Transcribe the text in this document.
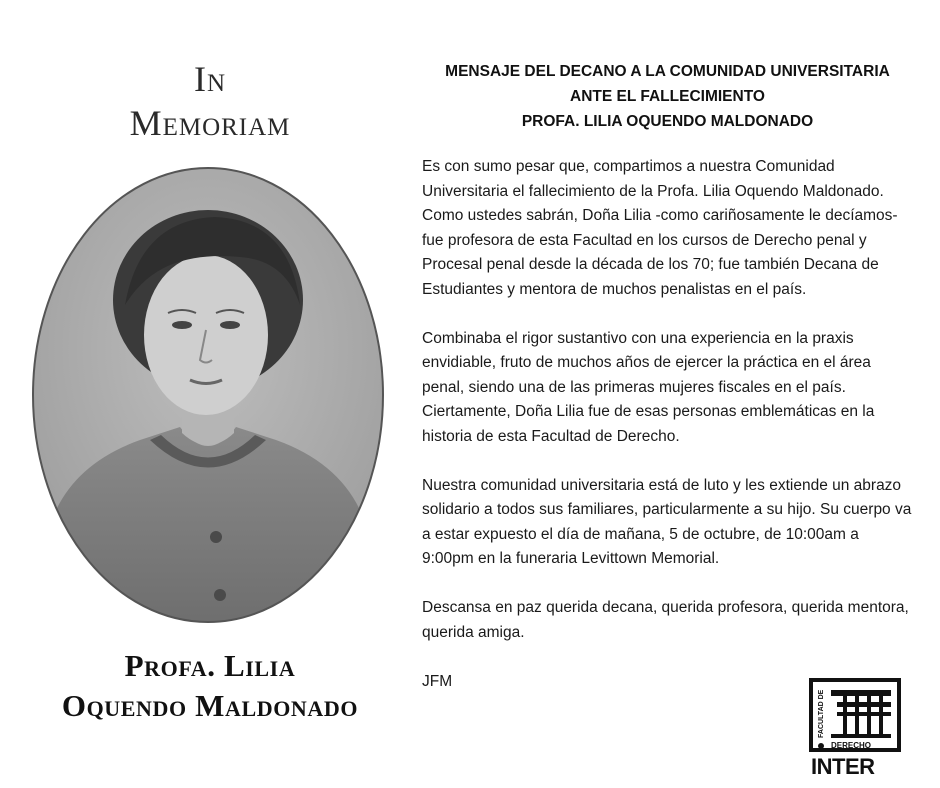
In
Memoriam
Profa. Lilia
Oquendo Maldonado
MENSAJE DEL DECANO A LA COMUNIDAD UNIVERSITARIA
ANTE EL FALLECIMIENTO
PROFA. LILIA OQUENDO MALDONADO

Es con sumo pesar que, compartimos a nuestra Comunidad Universitaria el fallecimiento de la Profa. Lilia Oquendo Maldonado. Como ustedes sabrán, Doña Lilia -como cariñosamente le decíamos- fue profesora de esta Facultad en los cursos de Derecho penal y Procesal penal desde la década de los 70; fue también Decana de Estudiantes y mentora de muchos penalistas en el país.

Combinaba el rigor sustantivo con una experiencia en la praxis envidiable, fruto de muchos años de ejercer la práctica en el área penal, siendo una de las primeras mujeres fiscales en el país. Ciertamente, Doña Lilia fue de esas personas emblemáticas en la historia de esta Facultad de Derecho.

Nuestra comunidad universitaria está de luto y les extiende un abrazo solidario a todos sus familiares, particularmente a su hijo. Su cuerpo va a estar expuesto el día de mañana, 5 de octubre, de 10:00am a 9:00pm en la funeraria Levittown Memorial.

Descansa en paz querida decana, querida profesora, querida mentora, querida amiga.

JFM

FACULTAD DE
DERECHO
INTER
